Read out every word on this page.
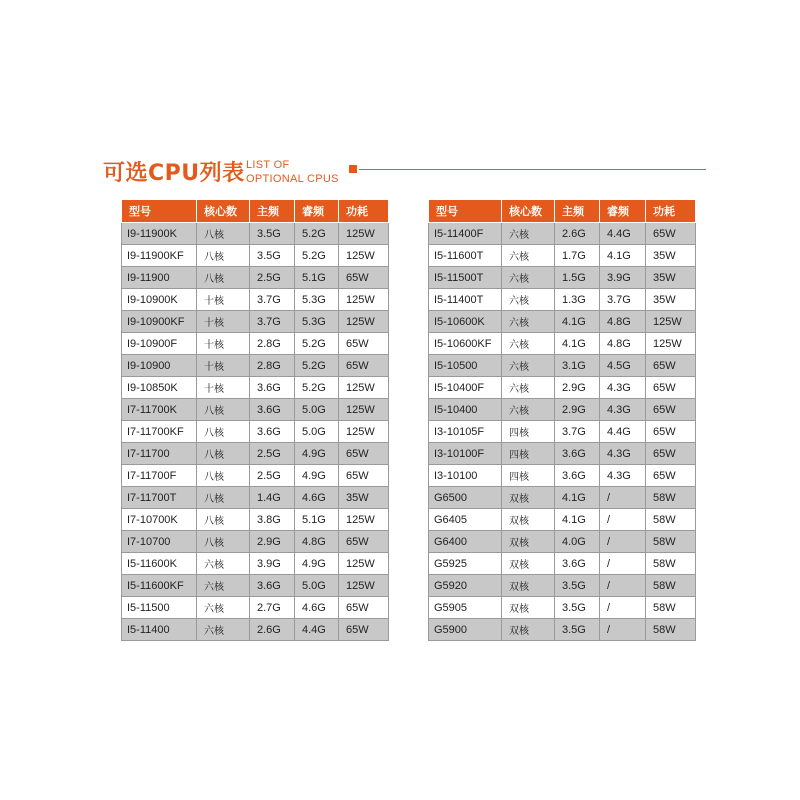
可选CPU列表 LIST OF
OPTIONAL CPUS
型号	核心数	主频	睿频	功耗
I9-11900K	八核	3.5G	5.2G	125W
I9-11900KF	八核	3.5G	5.2G	125W
I9-11900	八核	2.5G	5.1G	65W
I9-10900K	十核	3.7G	5.3G	125W
I9-10900KF	十核	3.7G	5.3G	125W
I9-10900F	十核	2.8G	5.2G	65W
I9-10900	十核	2.8G	5.2G	65W
I9-10850K	十核	3.6G	5.2G	125W
I7-11700K	八核	3.6G	5.0G	125W
I7-11700KF	八核	3.6G	5.0G	125W
I7-11700	八核	2.5G	4.9G	65W
I7-11700F	八核	2.5G	4.9G	65W
I7-11700T	八核	1.4G	4.6G	35W
I7-10700K	八核	3.8G	5.1G	125W
I7-10700	八核	2.9G	4.8G	65W
I5-11600K	六核	3.9G	4.9G	125W
I5-11600KF	六核	3.6G	5.0G	125W
I5-11500	六核	2.7G	4.6G	65W
I5-11400	六核	2.6G	4.4G	65W
型号	核心数	主频	睿频	功耗
I5-11400F	六核	2.6G	4.4G	65W
I5-11600T	六核	1.7G	4.1G	35W
I5-11500T	六核	1.5G	3.9G	35W
I5-11400T	六核	1.3G	3.7G	35W
I5-10600K	六核	4.1G	4.8G	125W
I5-10600KF	六核	4.1G	4.8G	125W
I5-10500	六核	3.1G	4.5G	65W
I5-10400F	六核	2.9G	4.3G	65W
I5-10400	六核	2.9G	4.3G	65W
I3-10105F	四核	3.7G	4.4G	65W
I3-10100F	四核	3.6G	4.3G	65W
I3-10100	四核	3.6G	4.3G	65W
G6500	双核	4.1G	/	58W
G6405	双核	4.1G	/	58W
G6400	双核	4.0G	/	58W
G5925	双核	3.6G	/	58W
G5920	双核	3.5G	/	58W
G5905	双核	3.5G	/	58W
G5900	双核	3.5G	/	58W
